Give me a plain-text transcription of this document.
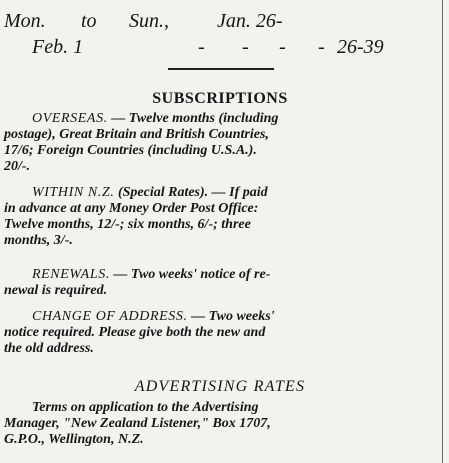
Mon. to Sun., Jan. 26-
Feb. 1	- - - - 26-39
SUBSCRIPTIONS
OVERSEAS. — Twelve months (including
postage), Great Britain and British Countries,
17/6; Foreign Countries (including U.S.A.).
20/-.
WITHIN N.Z. (Special Rates). — If paid
in advance at any Money Order Post Office:
Twelve months, 12/-; six months, 6/-; three
months, 3/-.
RENEWALS. — Two weeks' notice of re-
newal is required.
CHANGE OF ADDRESS. — Two weeks'
notice required. Please give both the new and
the old address.
ADVERTISING RATES
Terms on application to the Advertising
Manager, "New Zealand Listener," Box 1707,
G.P.O., Wellington, N.Z.
